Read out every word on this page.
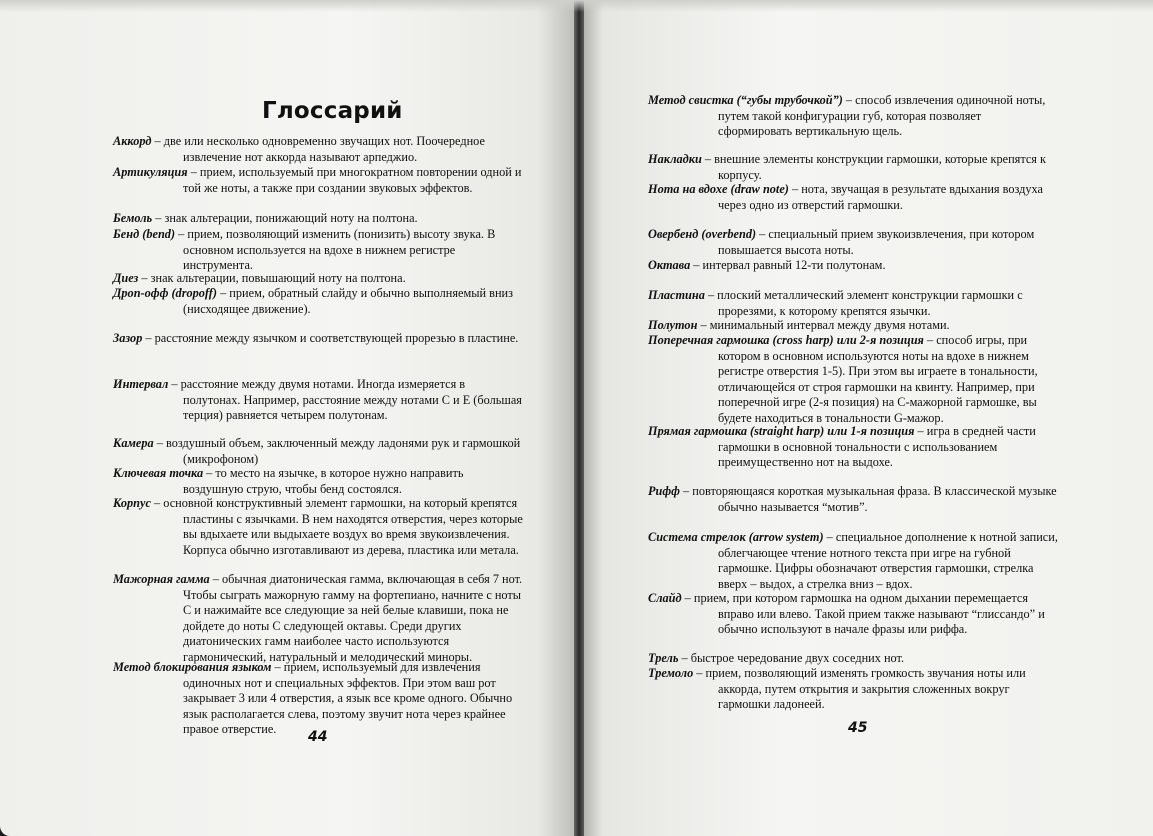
Глоссарий

Аккорд – две или несколько одновременно звучащих нот. Поочередное извлечение нот аккорда называют арпеджио.

Артикуляция – прием, используемый при многократном повторении одной и той же ноты, а также при создании звуковых эффектов.

Бемоль – знак альтерации, понижающий ноту на полтона.

Бенд (bend) – прием, позволяющий изменить (понизить) высоту звука. В основном используется на вдохе в нижнем регистре инструмента.

Диез – знак альтерации, повышающий ноту на полтона.

Дроп-офф (dropoff) – прием, обратный слайду и обычно выполняемый вниз (нисходящее движение).

Зазор – расстояние между язычком и соответствующей прорезью в пластине.

Интервал – расстояние между двумя нотами. Иногда измеряется в полутонах. Например, расстояние между нотами С и Е (большая терция) равняется четырем полутонам.

Камера – воздушный объем, заключенный между ладонями рук и гармошкой (микрофоном)

Ключевая точка – то место на язычке, в которое нужно направить воздушную струю, чтобы бенд состоялся.

Корпус – основной конструктивный элемент гармошки, на который крепятся пластины с язычками. В нем находятся отверстия, через которые вы вдыхаете или выдыхаете воздух во время звукоизвлечения. Корпуса обычно изготавливают из дерева, пластика или метала.

Мажорная гамма – обычная диатоническая гамма, включающая в себя 7 нот. Чтобы сыграть мажорную гамму на фортепиано, начните с ноты С и нажимайте все следующие за ней белые клавиши, пока не дойдете до ноты С следующей октавы. Среди других диатонических гамм наиболее часто используются гармонический, натуральный и мелодический миноры.

Метод блокирования языком – прием, используемый для извлечения одиночных нот и специальных эффектов. При этом ваш рот закрывает 3 или 4 отверстия, а язык все кроме одного. Обычно язык располагается слева, поэтому звучит нота через крайнее правое отверстие.	44

Метод свистка (“губы трубочкой”) – способ извлечения одиночной ноты, путем такой конфигурации губ, которая позволяет сформировать вертикальную щель.

Накладки – внешние элементы конструкции гармошки, которые крепятся к корпусу.

Нота на вдохе (draw note) – нота, звучащая в результате вдыхания воздуха через одно из отверстий гармошки.

Овербенд (overbend) – специальный прием звукоизвлечения, при котором повышается высота ноты.

Октава – интервал равный 12-ти полутонам.

Пластина – плоский металлический элемент конструкции гармошки с прорезями, к которому крепятся язычки.

Полутон – минимальный интервал между двумя нотами.

Поперечная гармошка (cross harp) или 2-я позиция – способ игры, при котором в основном используются ноты на вдохе в нижнем регистре отверстия 1-5). При этом вы играете в тональности, отличающейся от строя гармошки на квинту. Например, при поперечной игре (2-я позиция) на С-мажорной гармошке, вы будете находиться в тональности G-мажор.

Прямая гармошка (straight harp) или 1-я позиция – игра в средней части гармошки в основной тональности с использованием преимущественно нот на выдохе.

Рифф – повторяющаяся короткая музыкальная фраза. В классической музыке обычно называется “мотив”.

Система стрелок (arrow system) – специальное дополнение к нотной записи, облегчающее чтение нотного текста при игре на губной гармошке. Цифры обозначают отверстия гармошки, стрелка вверх – выдох, а стрелка вниз – вдох.

Слайд – прием, при котором гармошка на одном дыхании перемещается вправо или влево. Такой прием также называют “глиссандо” и обычно используют в начале фразы или риффа.

Трель – быстрое чередование двух соседних нот.

Тремоло – прием, позволяющий изменять громкость звучания ноты или аккорда, путем открытия и закрытия сложенных вокруг гармошки ладонеей.

45
